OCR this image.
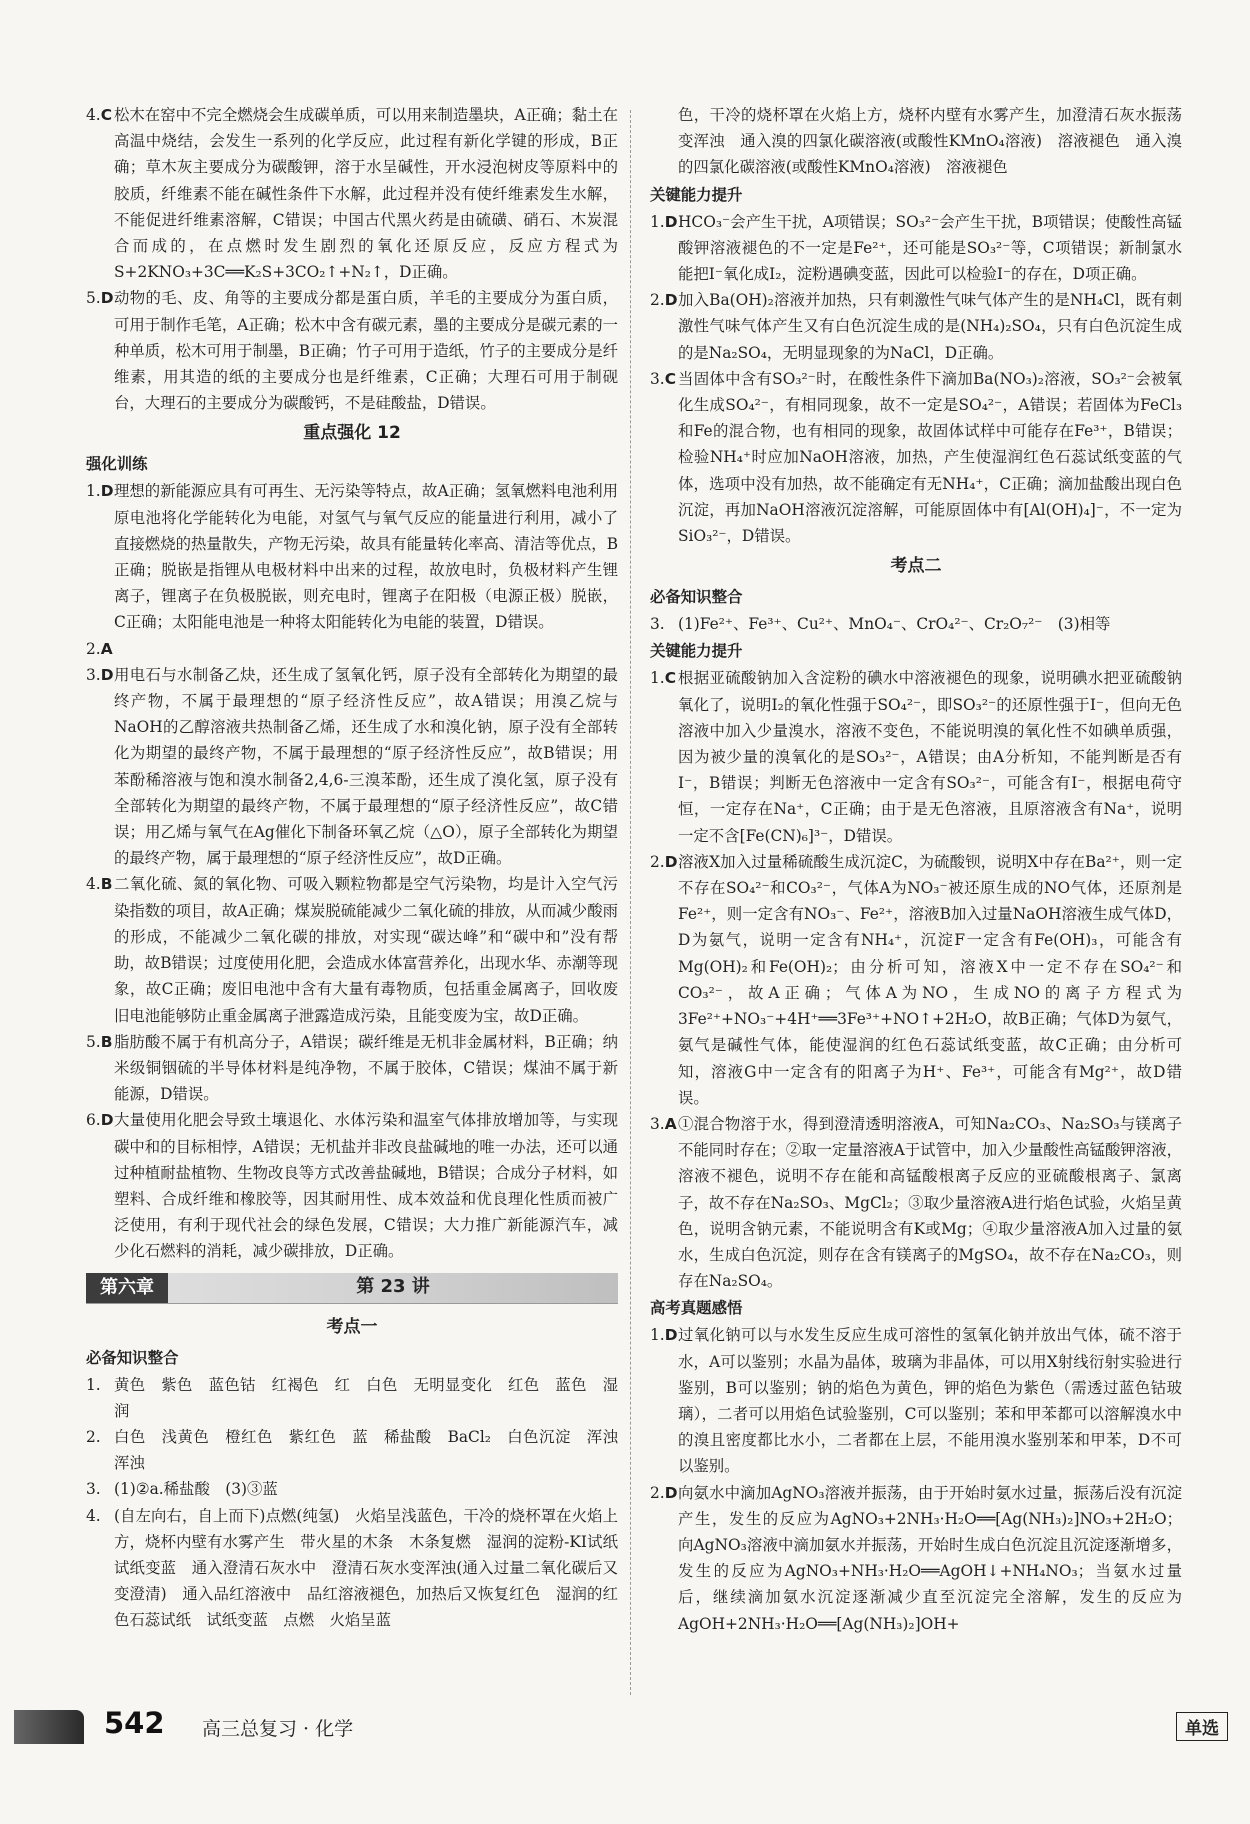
4.C 松木在窑中不完全燃烧会生成碳单质，可以用来制造墨块，A正确；黏土在高温中烧结，会发生一系列的化学反应，此过程有新化学键的形成，B正确；草木灰主要成分为碳酸钾，溶于水呈碱性，开水浸泡树皮等原料中的胶质，纤维素不能在碱性条件下水解，此过程并没有使纤维素发生水解，不能促进纤维素溶解，C错误；中国古代黑火药是由硫磺、硝石、木炭混合而成的，在点燃时发生剧烈的氧化还原反应，反应方程式为S+2KNO₃+3C══K₂S+3CO₂↑+N₂↑，D正确。
5.D 动物的毛、皮、角等的主要成分都是蛋白质，羊毛的主要成分为蛋白质，可用于制作毛笔，A正确；松木中含有碳元素，墨的主要成分是碳元素的一种单质，松木可用于制墨，B正确；竹子可用于造纸，竹子的主要成分是纤维素，用其造的纸的主要成分也是纤维素，C正确；大理石可用于制砚台，大理石的主要成分为碳酸钙，不是硅酸盐，D错误。
重点强化 12
强化训练
1.D 理想的新能源应具有可再生、无污染等特点，故A正确；氢氧燃料电池利用原电池将化学能转化为电能，对氢气与氧气反应的能量进行利用，减小了直接燃烧的热量散失，产物无污染，故具有能量转化率高、清洁等优点，B正确；脱嵌是指锂从电极材料中出来的过程，故放电时，负极材料产生锂离子，锂离子在负极脱嵌，则充电时，锂离子在阳极（电源正极）脱嵌，C正确；太阳能电池是一种将太阳能转化为电能的装置，D错误。
2.A
3.D 用电石与水制备乙炔，还生成了氢氧化钙，原子没有全部转化为期望的最终产物，不属于最理想的“原子经济性反应”，故A错误；用溴乙烷与NaOH的乙醇溶液共热制备乙烯，还生成了水和溴化钠，原子没有全部转化为期望的最终产物，不属于最理想的“原子经济性反应”，故B错误；用苯酚稀溶液与饱和溴水制备2,4,6-三溴苯酚，还生成了溴化氢，原子没有全部转化为期望的最终产物，不属于最理想的“原子经济性反应”，故C错误；用乙烯与氧气在Ag催化下制备环氧乙烷（△O），原子全部转化为期望的最终产物，属于最理想的“原子经济性反应”，故D正确。
4.B 二氧化硫、氮的氧化物、可吸入颗粒物都是空气污染物，均是计入空气污染指数的项目，故A正确；煤炭脱硫能减少二氧化硫的排放，从而减少酸雨的形成，不能减少二氧化碳的排放，对实现“碳达峰”和“碳中和”没有帮助，故B错误；过度使用化肥，会造成水体富营养化，出现水华、赤潮等现象，故C正确；废旧电池中含有大量有毒物质，包括重金属离子，回收废旧电池能够防止重金属离子泄露造成污染，且能变废为宝，故D正确。
5.B 脂肪酸不属于有机高分子，A错误；碳纤维是无机非金属材料，B正确；纳米级铜铟硫的半导体材料是纯净物，不属于胶体，C错误；煤油不属于新能源，D错误。
6.D 大量使用化肥会导致土壤退化、水体污染和温室气体排放增加等，与实现碳中和的目标相悖，A错误；无机盐并非改良盐碱地的唯一办法，还可以通过种植耐盐植物、生物改良等方式改善盐碱地，B错误；合成分子材料，如塑料、合成纤维和橡胶等，因其耐用性、成本效益和优良理化性质而被广泛使用，有利于现代社会的绿色发展，C错误；大力推广新能源汽车，减少化石燃料的消耗，减少碳排放，D正确。
第六章	第 23 讲
考点一
必备知识整合
1. 黄色　紫色　蓝色钴　红褐色　红　白色　无明显变化　红色　蓝色　湿润
2. 白色　浅黄色　橙红色　紫红色　蓝　稀盐酸　BaCl₂　白色沉淀　浑浊　浑浊
3. (1)②a.稀盐酸　(3)③蓝
4. (自左向右，自上而下)点燃(纯氢)　火焰呈浅蓝色，干冷的烧杯罩在火焰上方，烧杯内壁有水雾产生　带火星的木条　木条复燃　湿润的淀粉-KI试纸　试纸变蓝　通入澄清石灰水中　澄清石灰水变浑浊(通入过量二氧化碳后又变澄清)　通入品红溶液中　品红溶液褪色，加热后又恢复红色　湿润的红色石蕊试纸　试纸变蓝　点燃　火焰呈蓝
色，干冷的烧杯罩在火焰上方，烧杯内壁有水雾产生，加澄清石灰水振荡变浑浊　通入溴的四氯化碳溶液(或酸性KMnO₄溶液)　溶液褪色　通入溴的四氯化碳溶液(或酸性KMnO₄溶液)　溶液褪色
关键能力提升
1.D HCO₃⁻会产生干扰，A项错误；SO₃²⁻会产生干扰，B项错误；使酸性高锰酸钾溶液褪色的不一定是Fe²⁺，还可能是SO₃²⁻等，C项错误；新制氯水能把I⁻氧化成I₂，淀粉遇碘变蓝，因此可以检验I⁻的存在，D项正确。
2.D 加入Ba(OH)₂溶液并加热，只有刺激性气味气体产生的是NH₄Cl，既有刺激性气味气体产生又有白色沉淀生成的是(NH₄)₂SO₄，只有白色沉淀生成的是Na₂SO₄，无明显现象的为NaCl，D正确。
3.C 当固体中含有SO₃²⁻时，在酸性条件下滴加Ba(NO₃)₂溶液，SO₃²⁻会被氧化生成SO₄²⁻，有相同现象，故不一定是SO₄²⁻，A错误；若固体为FeCl₃和Fe的混合物，也有相同的现象，故固体试样中可能存在Fe³⁺，B错误；检验NH₄⁺时应加NaOH溶液，加热，产生使湿润红色石蕊试纸变蓝的气体，选项中没有加热，故不能确定有无NH₄⁺，C正确；滴加盐酸出现白色沉淀，再加NaOH溶液沉淀溶解，可能原固体中有[Al(OH)₄]⁻，不一定为SiO₃²⁻，D错误。
考点二
必备知识整合
3. (1)Fe²⁺、Fe³⁺、Cu²⁺、MnO₄⁻、CrO₄²⁻、Cr₂O₇²⁻　(3)相等
关键能力提升
1.C 根据亚硫酸钠加入含淀粉的碘水中溶液褪色的现象，说明碘水把亚硫酸钠氧化了，说明I₂的氧化性强于SO₄²⁻，即SO₃²⁻的还原性强于I⁻，但向无色溶液中加入少量溴水，溶液不变色，不能说明溴的氧化性不如碘单质强，因为被少量的溴氧化的是SO₃²⁻，A错误；由A分析知，不能判断是否有I⁻，B错误；判断无色溶液中一定含有SO₃²⁻，可能含有I⁻，根据电荷守恒，一定存在Na⁺，C正确；由于是无色溶液，且原溶液含有Na⁺，说明一定不含[Fe(CN)₆]³⁻，D错误。
2.D 溶液X加入过量稀硫酸生成沉淀C，为硫酸钡，说明X中存在Ba²⁺，则一定不存在SO₄²⁻和CO₃²⁻，气体A为NO₃⁻被还原生成的NO气体，还原剂是Fe²⁺，则一定含有NO₃⁻、Fe²⁺，溶液B加入过量NaOH溶液生成气体D，D为氨气，说明一定含有NH₄⁺，沉淀F一定含有Fe(OH)₃，可能含有Mg(OH)₂和Fe(OH)₂；由分析可知，溶液X中一定不存在SO₄²⁻和CO₃²⁻，故A正确；气体A为NO，生成NO的离子方程式为3Fe²⁺+NO₃⁻+4H⁺══3Fe³⁺+NO↑+2H₂O，故B正确；气体D为氨气，氨气是碱性气体，能使湿润的红色石蕊试纸变蓝，故C正确；由分析可知，溶液G中一定含有的阳离子为H⁺、Fe³⁺，可能含有Mg²⁺，故D错误。
3.A ①混合物溶于水，得到澄清透明溶液A，可知Na₂CO₃、Na₂SO₃与镁离子不能同时存在；②取一定量溶液A于试管中，加入少量酸性高锰酸钾溶液，溶液不褪色，说明不存在能和高锰酸根离子反应的亚硫酸根离子、氯离子，故不存在Na₂SO₃、MgCl₂；③取少量溶液A进行焰色试验，火焰呈黄色，说明含钠元素，不能说明含有K或Mg；④取少量溶液A加入过量的氨水，生成白色沉淀，则存在含有镁离子的MgSO₄，故不存在Na₂CO₃，则存在Na₂SO₄。
高考真题感悟
1.D 过氧化钠可以与水发生反应生成可溶性的氢氧化钠并放出气体，硫不溶于水，A可以鉴别；水晶为晶体，玻璃为非晶体，可以用X射线衍射实验进行鉴别，B可以鉴别；钠的焰色为黄色，钾的焰色为紫色（需透过蓝色钴玻璃），二者可以用焰色试验鉴别，C可以鉴别；苯和甲苯都可以溶解溴水中的溴且密度都比水小，二者都在上层，不能用溴水鉴别苯和甲苯，D不可以鉴别。
2.D 向氨水中滴加AgNO₃溶液并振荡，由于开始时氨水过量，振荡后没有沉淀产生，发生的反应为AgNO₃+2NH₃·H₂O══[Ag(NH₃)₂]NO₃+2H₂O；向AgNO₃溶液中滴加氨水并振荡，开始时生成白色沉淀且沉淀逐渐增多，发生的反应为AgNO₃+NH₃·H₂O══AgOH↓+NH₄NO₃；当氨水过量后，继续滴加氨水沉淀逐渐减少直至沉淀完全溶解，发生的反应为AgOH+2NH₃·H₂O══[Ag(NH₃)₂]OH+
542 高三总复习 · 化学	单选
